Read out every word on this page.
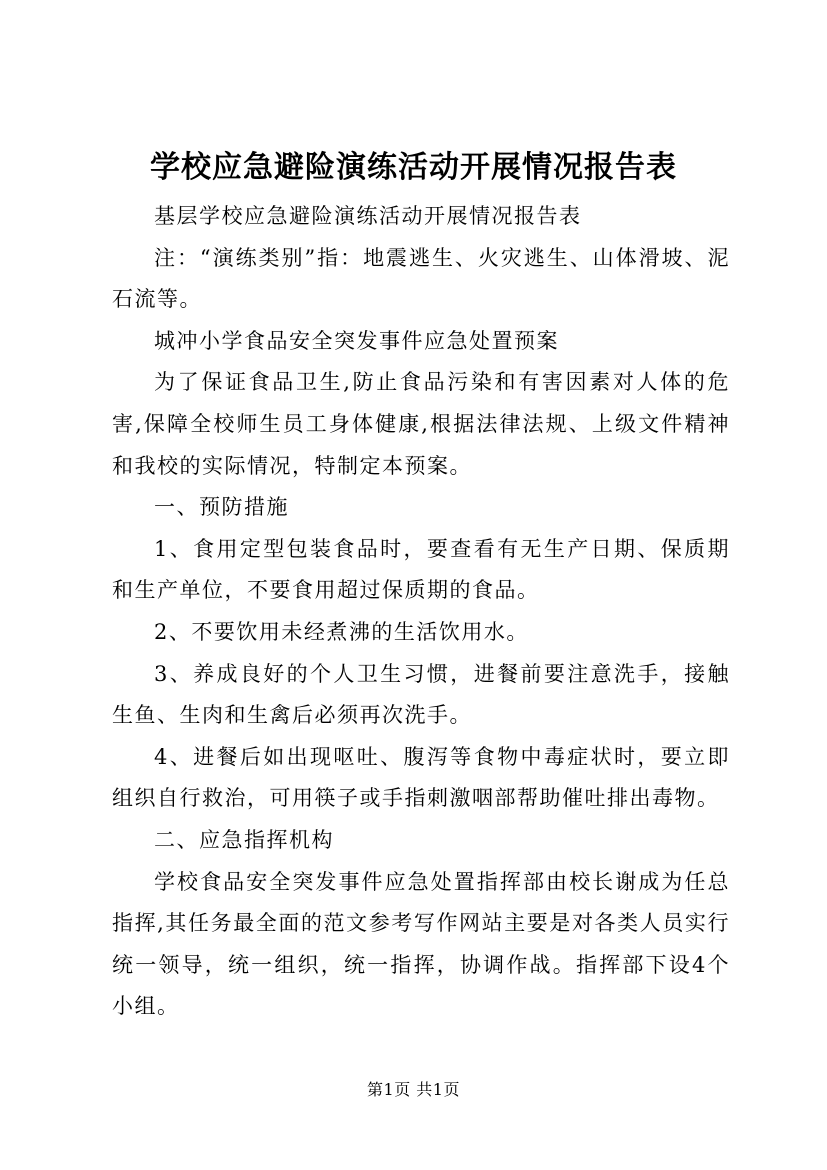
学校应急避险演练活动开展情况报告表

基层学校应急避险演练活动开展情况报告表

注：“演练类别”指：地震逃生、火灾逃生、山体滑坡、泥石流等。

城冲小学食品安全突发事件应急处置预案

为了保证食品卫生,防止食品污染和有害因素对人体的危害,保障全校师生员工身体健康,根据法律法规、上级文件精神和我校的实际情况，特制定本预案。

一、预防措施

1、食用定型包装食品时，要查看有无生产日期、保质期和生产单位，不要食用超过保质期的食品。

2、不要饮用未经煮沸的生活饮用水。

3、养成良好的个人卫生习惯，进餐前要注意洗手，接触生鱼、生肉和生禽后必须再次洗手。

4、进餐后如出现呕吐、腹泻等食物中毒症状时，要立即组织自行救治，可用筷子或手指刺激咽部帮助催吐排出毒物。

二、应急指挥机构

学校食品安全突发事件应急处置指挥部由校长谢成为任总指挥,其任务最全面的范文参考写作网站主要是对各类人员实行统一领导，统一组织，统一指挥，协调作战。指挥部下设4个小组。

第1页 共1页
